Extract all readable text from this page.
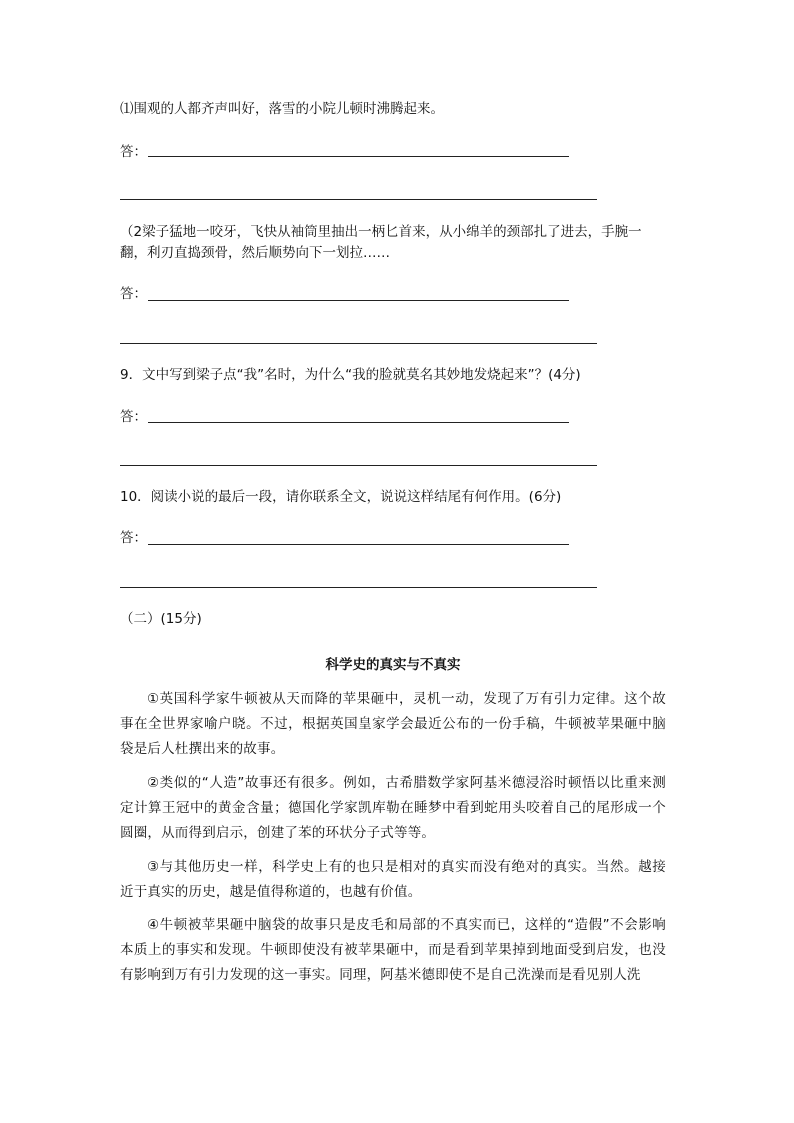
⑴围观的人都齐声叫好，落雪的小院儿顿时沸腾起来。
答：
（2梁子猛地一咬牙，飞快从袖筒里抽出一柄匕首来，从小绵羊的颈部扎了进去，手腕一
翻，利刃直捣颈骨，然后顺势向下一划拉……
答：
9．文中写到梁子点“我”名时，为什么“我的脸就莫名其妙地发烧起来”？(4分)
答：
10．阅读小说的最后一段，请你联系全文，说说这样结尾有何作用。(6分)
答：
（二）(15分)
科学史的真实与不真实
①英国科学家牛顿被从天而降的苹果砸中，灵机一动，发现了万有引力定律。这个故事在全世界家喻户晓。不过，根据英国皇家学会最近公布的一份手稿，牛顿被苹果砸中脑袋是后人杜撰出来的故事。
②类似的“人造”故事还有很多。例如，古希腊数学家阿基米德浸浴时顿悟以比重来测定计算王冠中的黄金含量；德国化学家凯库勒在睡梦中看到蛇用头咬着自己的尾形成一个圆圈，从而得到启示，创建了苯的环状分子式等等。
③与其他历史一样，科学史上有的也只是相对的真实而没有绝对的真实。当然。越接近于真实的历史，越是值得称道的，也越有价值。
④牛顿被苹果砸中脑袋的故事只是皮毛和局部的不真实而已，这样的“造假”不会影响本质上的事实和发现。牛顿即使没有被苹果砸中，而是看到苹果掉到地面受到启发，也没有影响到万有引力发现的这一事实。同理，阿基米德即使不是自己洗澡而是看见别人洗
